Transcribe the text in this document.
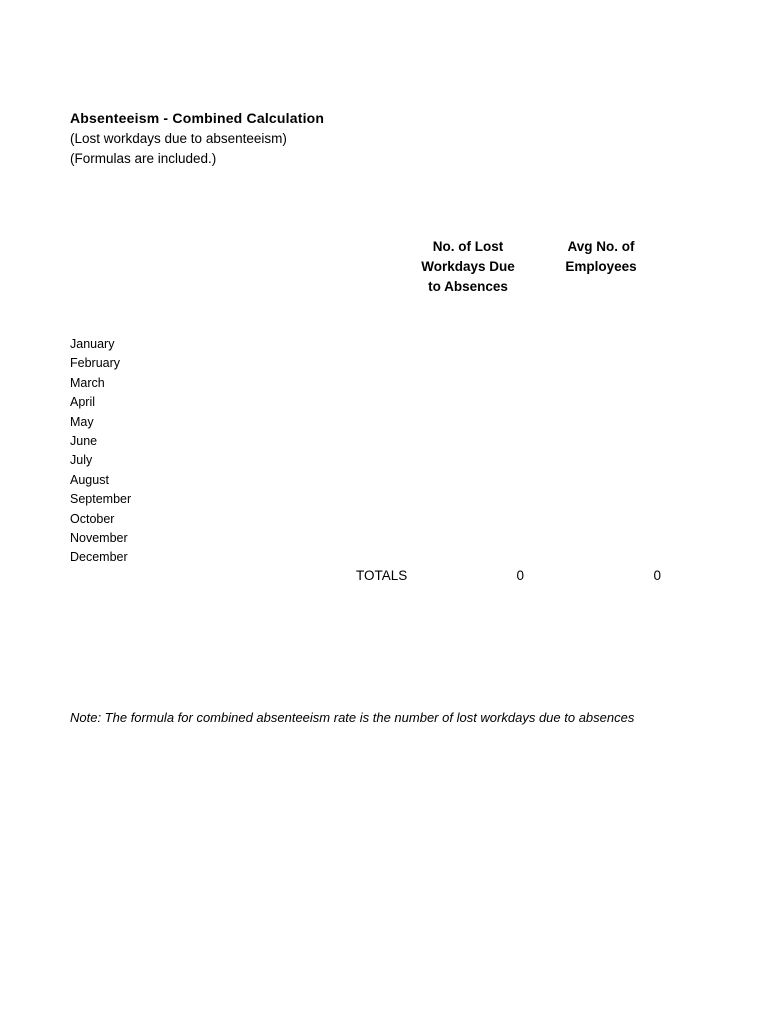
Absenteeism - Combined Calculation
(Lost workdays due to absenteeism)
(Formulas are included.)
No. of Lost
Workdays Due
to Absences
Avg No. of
Employees
January
February
March
April
May
June
July
August
September
October
November
December
TOTALS	0	0
Note: The formula for combined absenteeism rate is the number of lost workdays due to absences
